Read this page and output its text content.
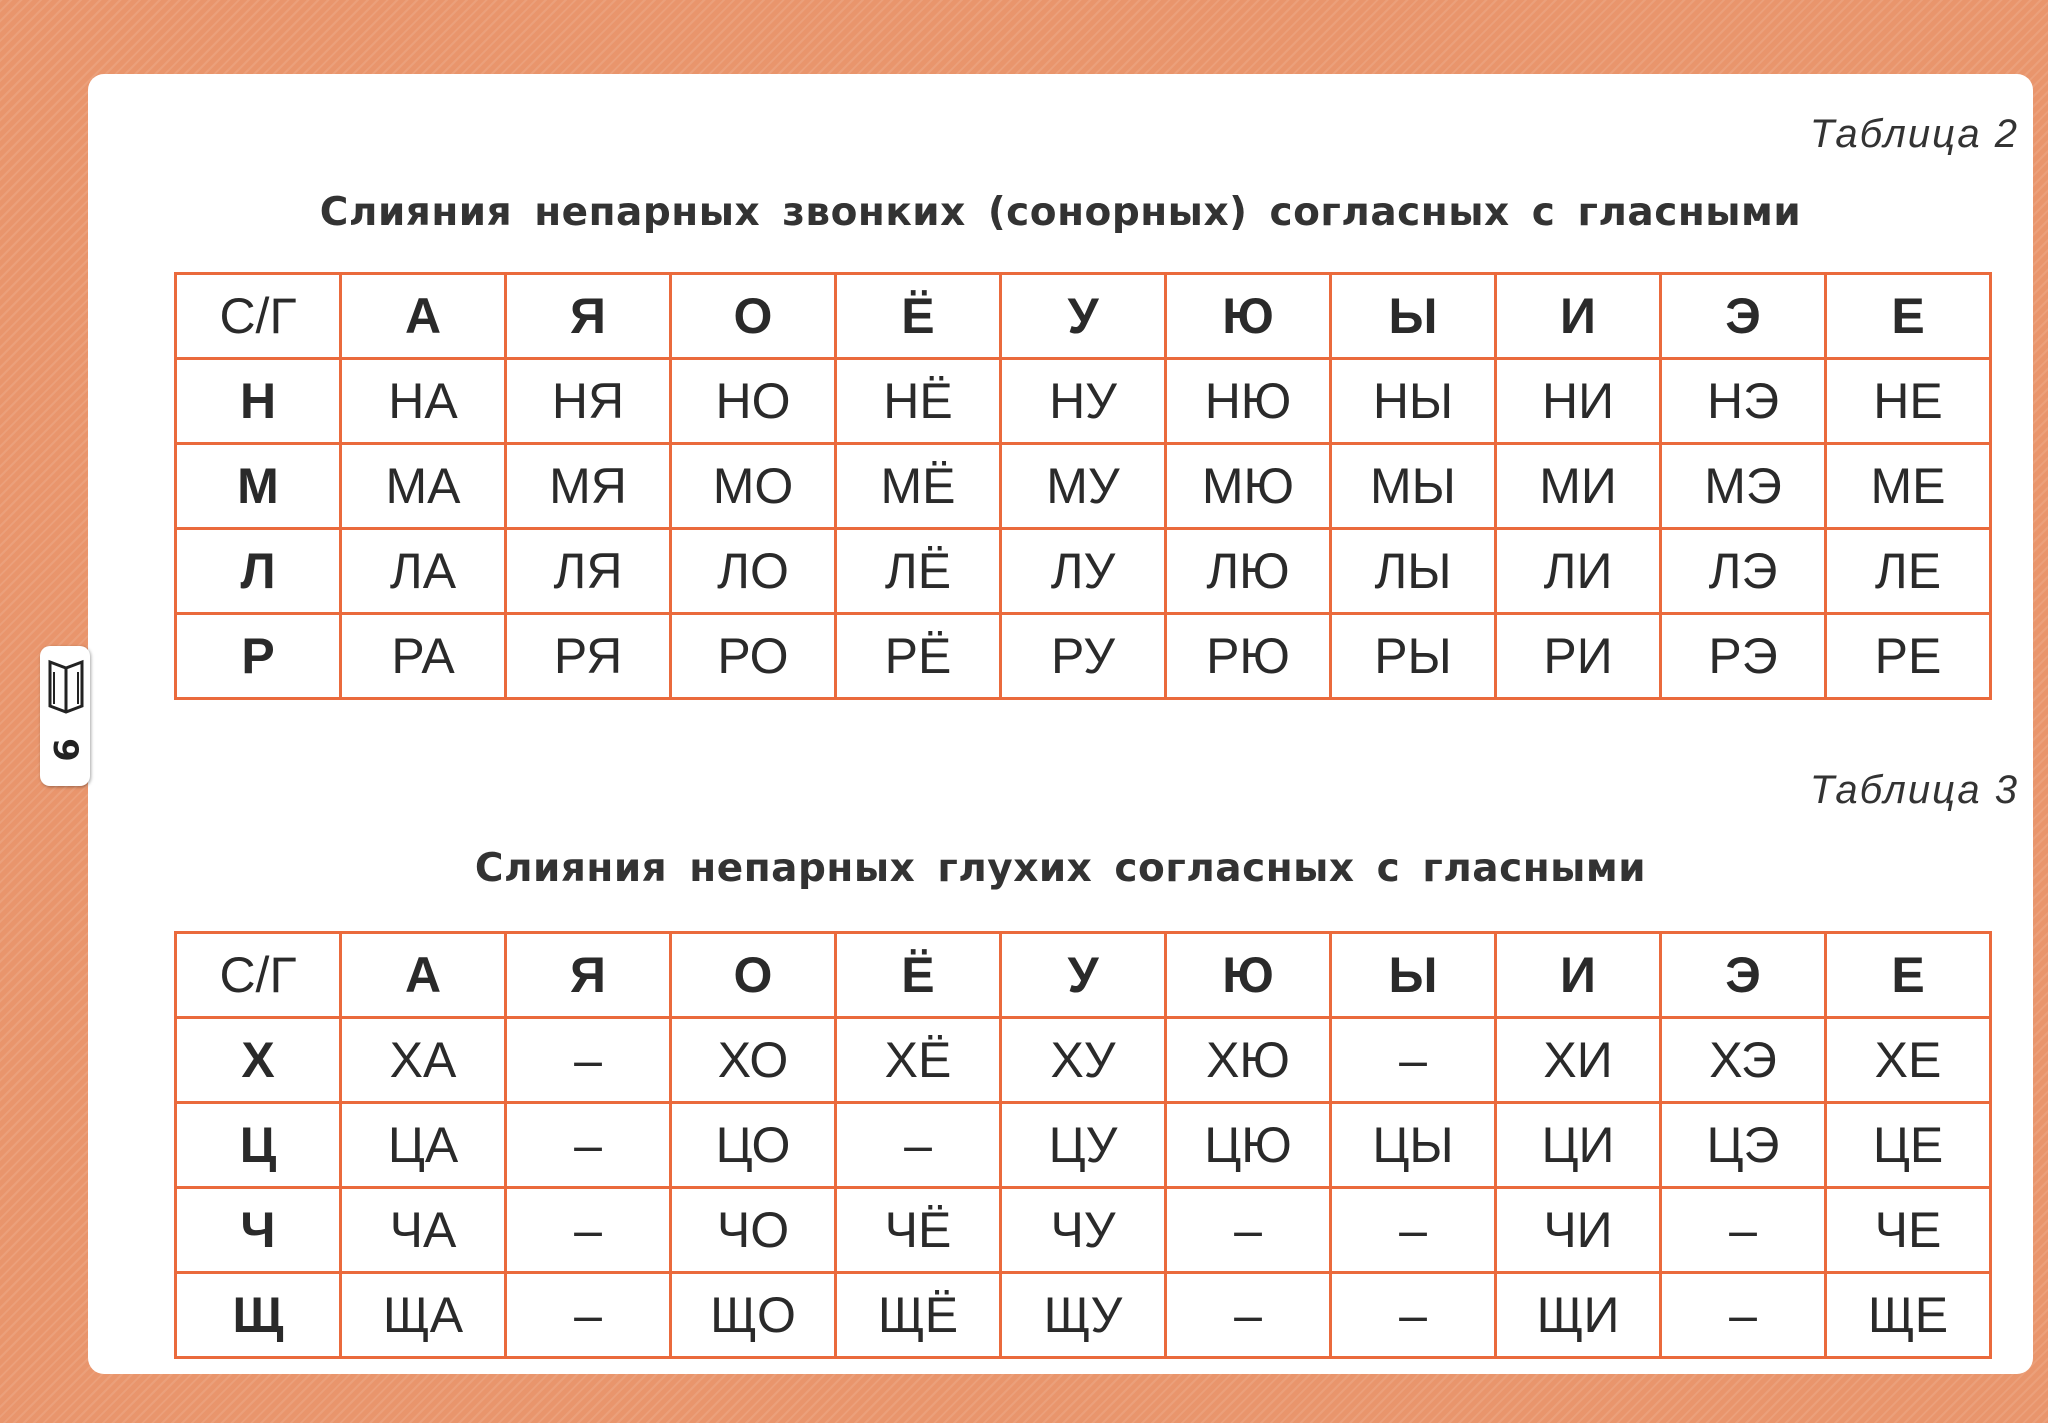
Таблица 2
Слияния непарных звонких (сонорных) согласных с гласными
С/Г	А	Я	О	Ё	У	Ю	Ы	И	Э	Е
Н	НА	НЯ	НО	НЁ	НУ	НЮ	НЫ	НИ	НЭ	НЕ
М	МА	МЯ	МО	МЁ	МУ	МЮ	МЫ	МИ	МЭ	МЕ
Л	ЛА	ЛЯ	ЛО	ЛЁ	ЛУ	ЛЮ	ЛЫ	ЛИ	ЛЭ	ЛЕ
Р	РА	РЯ	РО	РЁ	РУ	РЮ	РЫ	РИ	РЭ	РЕ
Таблица 3
Слияния непарных глухих согласных с гласными
С/Г	А	Я	О	Ё	У	Ю	Ы	И	Э	Е
Х	ХА	–	ХО	ХЁ	ХУ	ХЮ	–	ХИ	ХЭ	ХЕ
Ц	ЦА	–	ЦО	–	ЦУ	ЦЮ	ЦЫ	ЦИ	ЦЭ	ЦЕ
Ч	ЧА	–	ЧО	ЧЁ	ЧУ	–	–	ЧИ	–	ЧЕ
Щ	ЩА	–	ЩО	ЩЁ	ЩУ	–	–	ЩИ	–	ЩЕ
9
